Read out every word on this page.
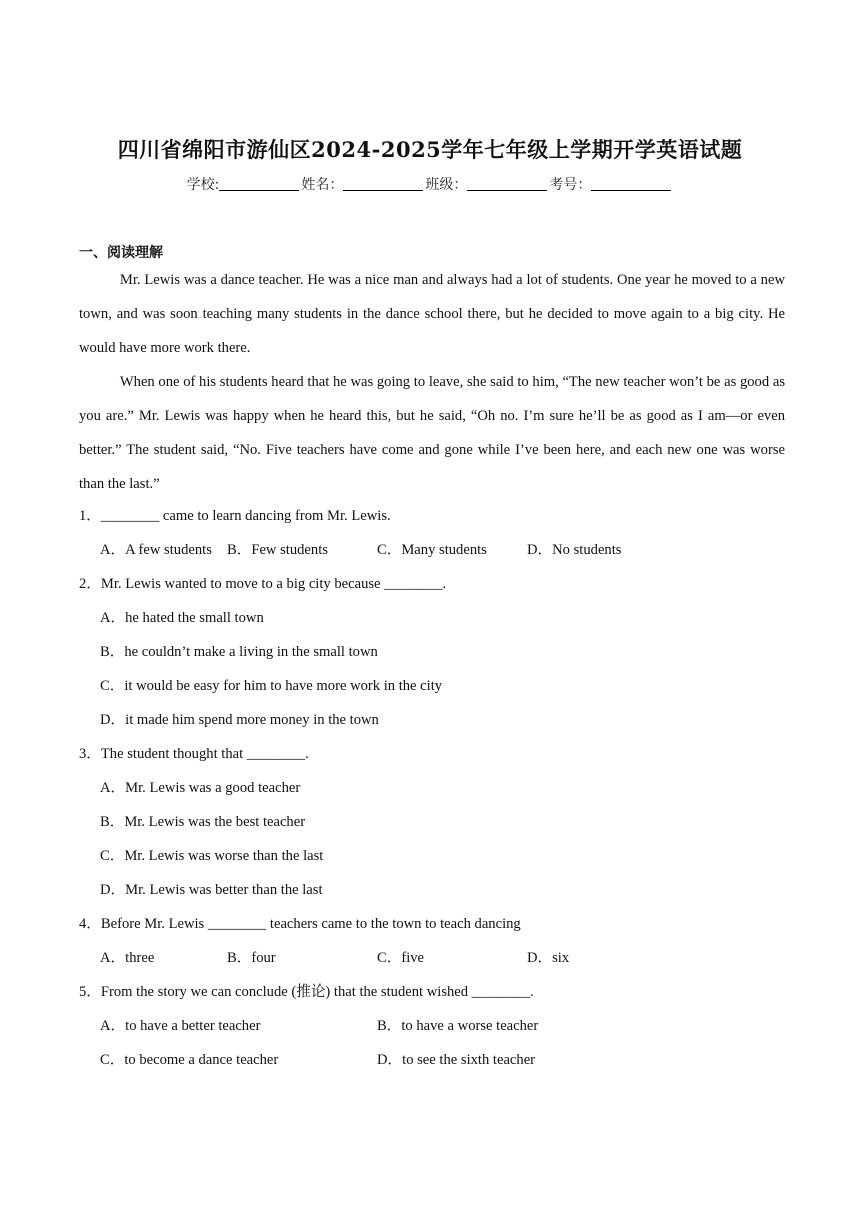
四川省绵阳市游仙区2024-2025学年七年级上学期开学英语试题
学校:	姓名：	班级：	考号：
一、阅读理解

Mr. Lewis was a dance teacher. He was a nice man and always had a lot of students. One year he moved to a new town, and was soon teaching many students in the dance school there, but he decided to move again to a big city. He would have more work there.

When one of his students heard that he was going to leave, she said to him, “The new teacher won’t be as good as you are.” Mr. Lewis was happy when he heard this, but he said, “Oh no. I’m sure he’ll be as good as I am—or even better.” The student said, “No. Five teachers have come and gone while I’ve been here, and each new one was worse than the last.”

1．________ came to learn dancing from Mr. Lewis.
A．A few students B．Few students	C．Many students	D．No students
2．Mr. Lewis wanted to move to a big city because ________.
A．he hated the small town
B．he couldn’t make a living in the small town
C．it would be easy for him to have more work in the city
D．it made him spend more money in the town
3．The student thought that ________.
A．Mr. Lewis was a good teacher
B．Mr. Lewis was the best teacher
C．Mr. Lewis was worse than the last
D．Mr. Lewis was better than the last
4．Before Mr. Lewis ________ teachers came to the town to teach dancing
A．three	B．four	C．five	D．six
5．From the story we can conclude (推论) that the student wished ________.
A．to have a better teacher	B．to have a worse teacher
C．to become a dance teacher	D．to see the sixth teacher
